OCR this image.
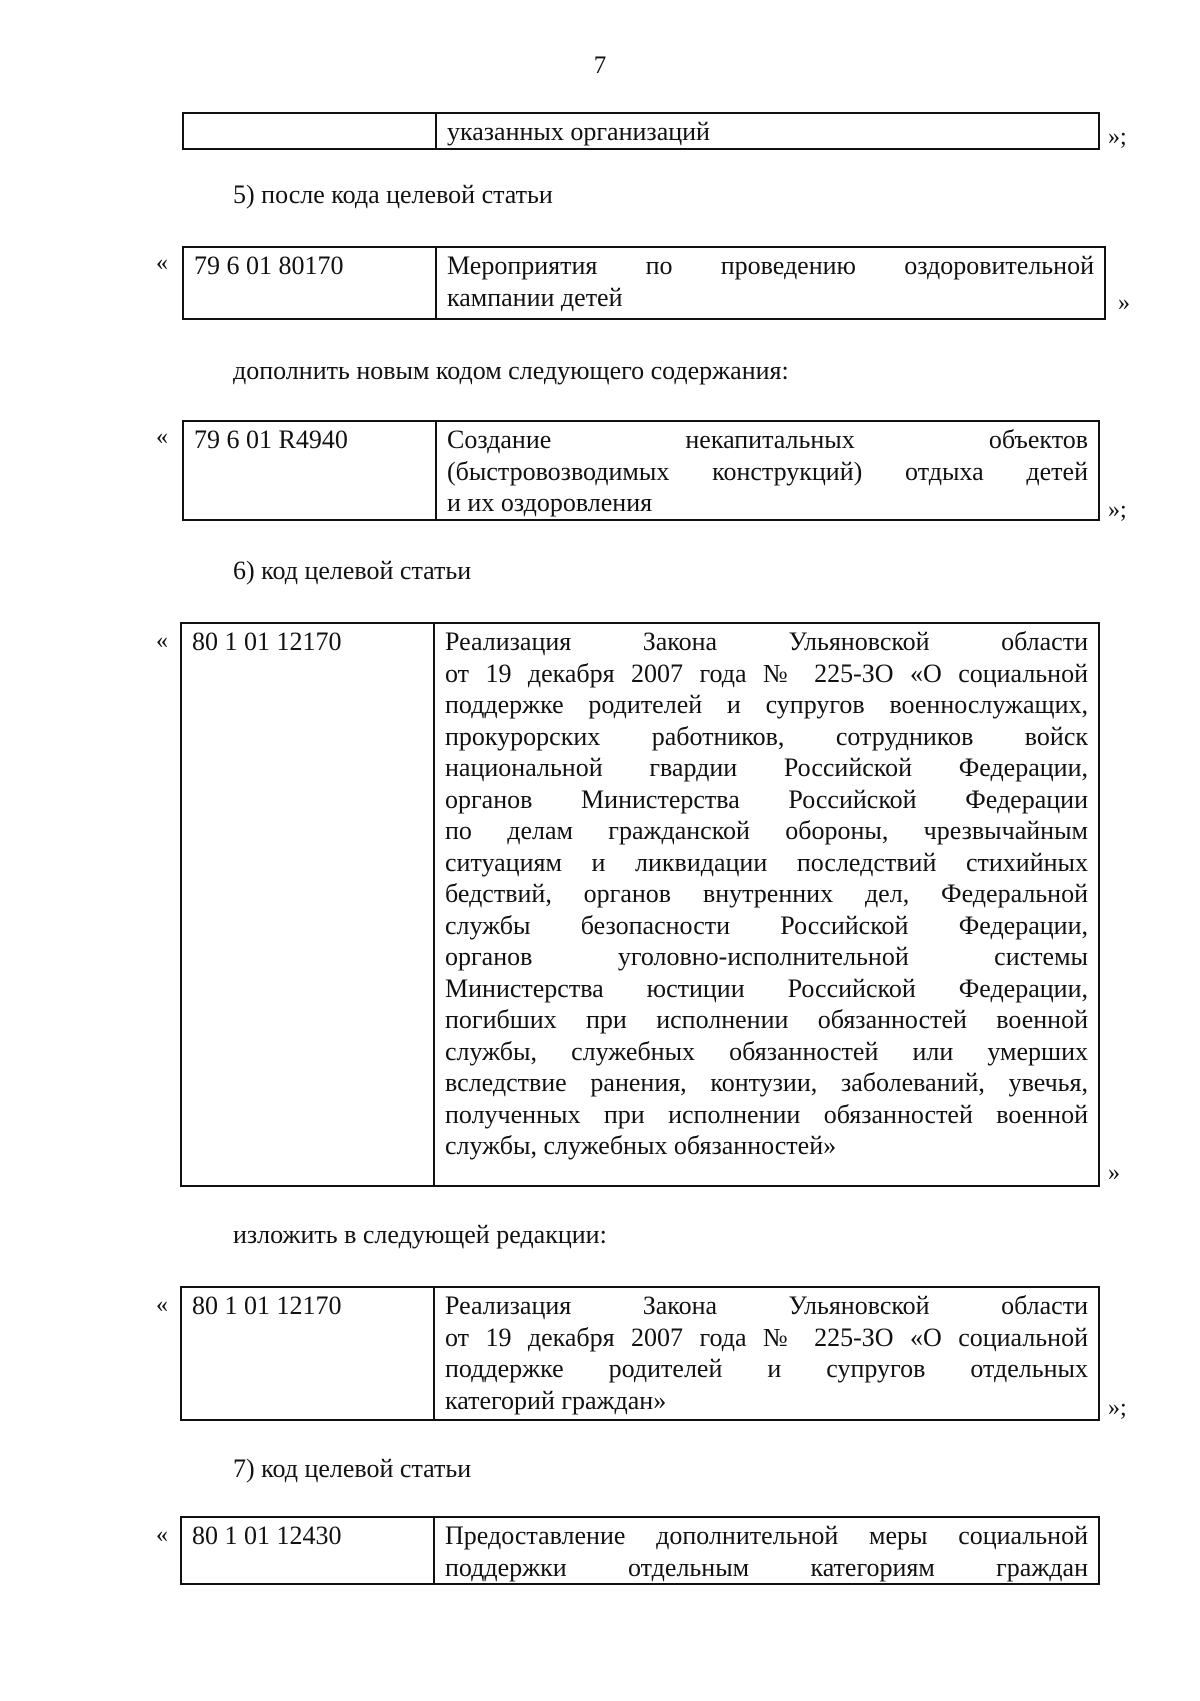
7

указанных организаций	»;
5) после кода целевой статьи
« 79 6 01 80170	Мероприятия по проведению оздоровительной
кампании детей	»
дополнить новым кодом следующего содержания:
« 79 6 01 R4940	Создание некапитальных объектов
(быстровозводимых конструкций) отдыха детей
и их оздоровления	»;
6) код целевой статьи
« 80 1 01 12170	Реализация Закона Ульяновской области
от 19 декабря 2007 года № 225-ЗО «О социальной
поддержке родителей и супругов военнослужащих,
прокурорских работников, сотрудников войск
национальной гвардии Российской Федерации,
органов Министерства Российской Федерации
по делам гражданской обороны, чрезвычайным
ситуациям и ликвидации последствий стихийных
бедствий, органов внутренних дел, Федеральной
службы безопасности Российской Федерации,
органов уголовно-исполнительной системы
Министерства юстиции Российской Федерации,
погибших при исполнении обязанностей военной
службы, служебных обязанностей или умерших
вследствие ранения, контузии, заболеваний, увечья,
полученных при исполнении обязанностей военной
службы, служебных обязанностей»
»
изложить в следующей редакции:
« 80 1 01 12170	Реализация Закона Ульяновской области
от 19 декабря 2007 года № 225-ЗО «О социальной
поддержке родителей и супругов отдельных
категорий граждан»	»;
7) код целевой статьи
« 80 1 01 12430	Предоставление дополнительной меры социальной
поддержки отдельным категориям граждан
